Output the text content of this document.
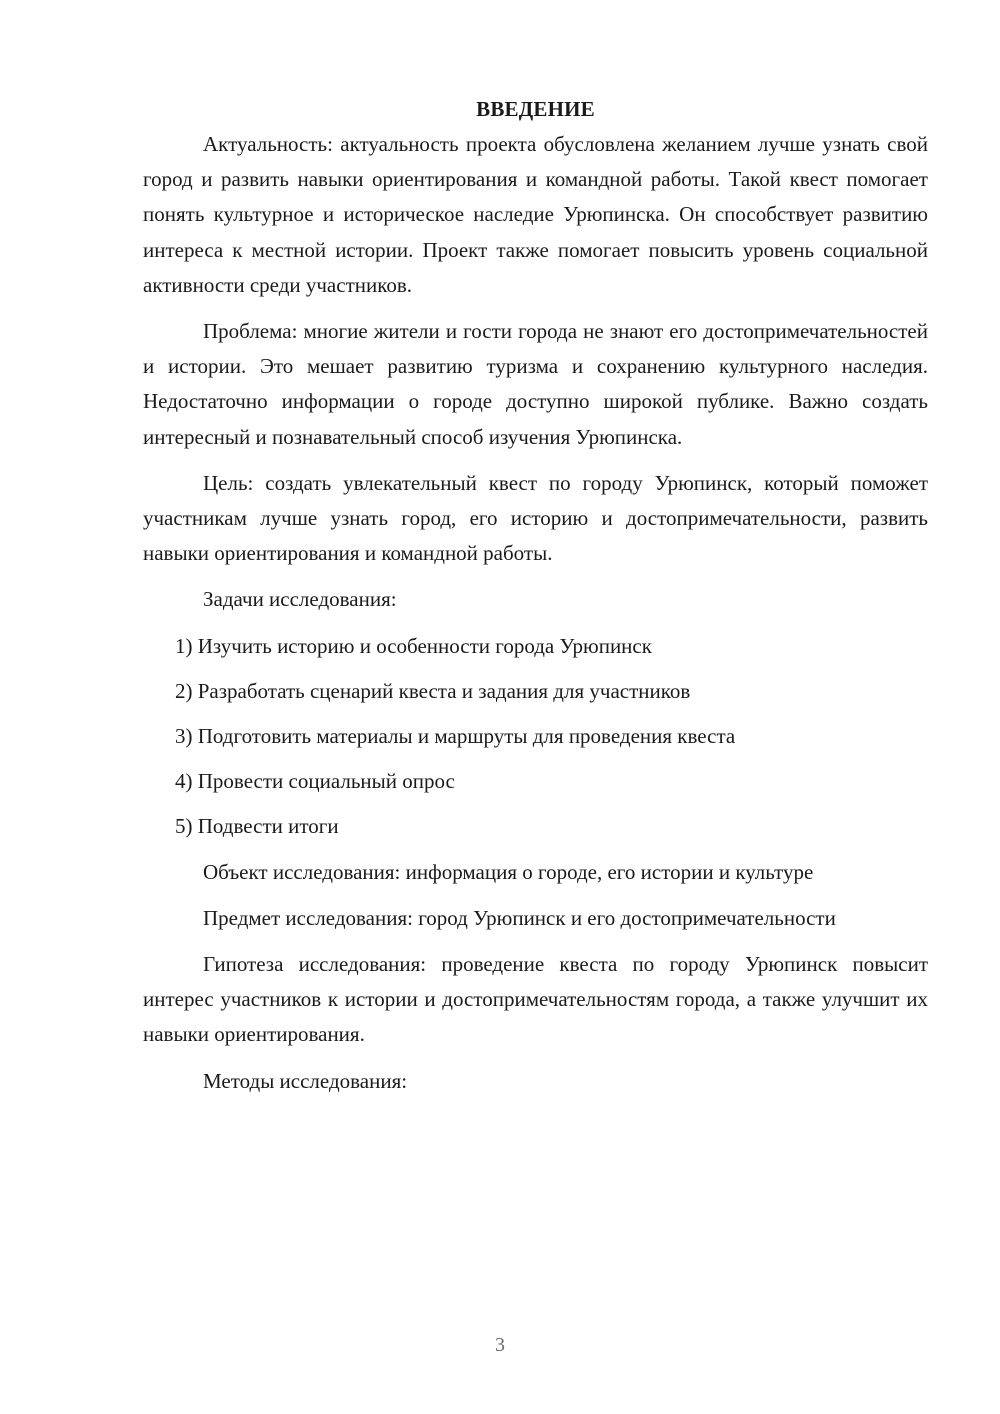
ВВЕДЕНИЕ

Актуальность: актуальность проекта обусловлена желанием лучше узнать свой город и развить навыки ориентирования и командной работы. Такой квест помогает понять культурное и историческое наследие Урюпинска. Он способствует развитию интереса к местной истории. Проект также помогает повысить уровень социальной активности среди участников.

Проблема: многие жители и гости города не знают его достопримечательностей и истории. Это мешает развитию туризма и сохранению культурного наследия. Недостаточно информации о городе доступно широкой публике. Важно создать интересный и познавательный способ изучения Урюпинска.

Цель: создать увлекательный квест по городу Урюпинск, который поможет участникам лучше узнать город, его историю и достопримечательности, развить навыки ориентирования и командной работы.

Задачи исследования:

1) Изучить историю и особенности города Урюпинск
2) Разработать сценарий квеста и задания для участников
3) Подготовить материалы и маршруты для проведения квеста
4) Провести социальный опрос
5) Подвести итоги

Объект исследования: информация о городе, его истории и культуре

Предмет исследования: город Урюпинск и его достопримечательности

Гипотеза исследования: проведение квеста по городу Урюпинск повысит интерес участников к истории и достопримечательностям города, а также улучшит их навыки ориентирования.

Методы исследования:

3
